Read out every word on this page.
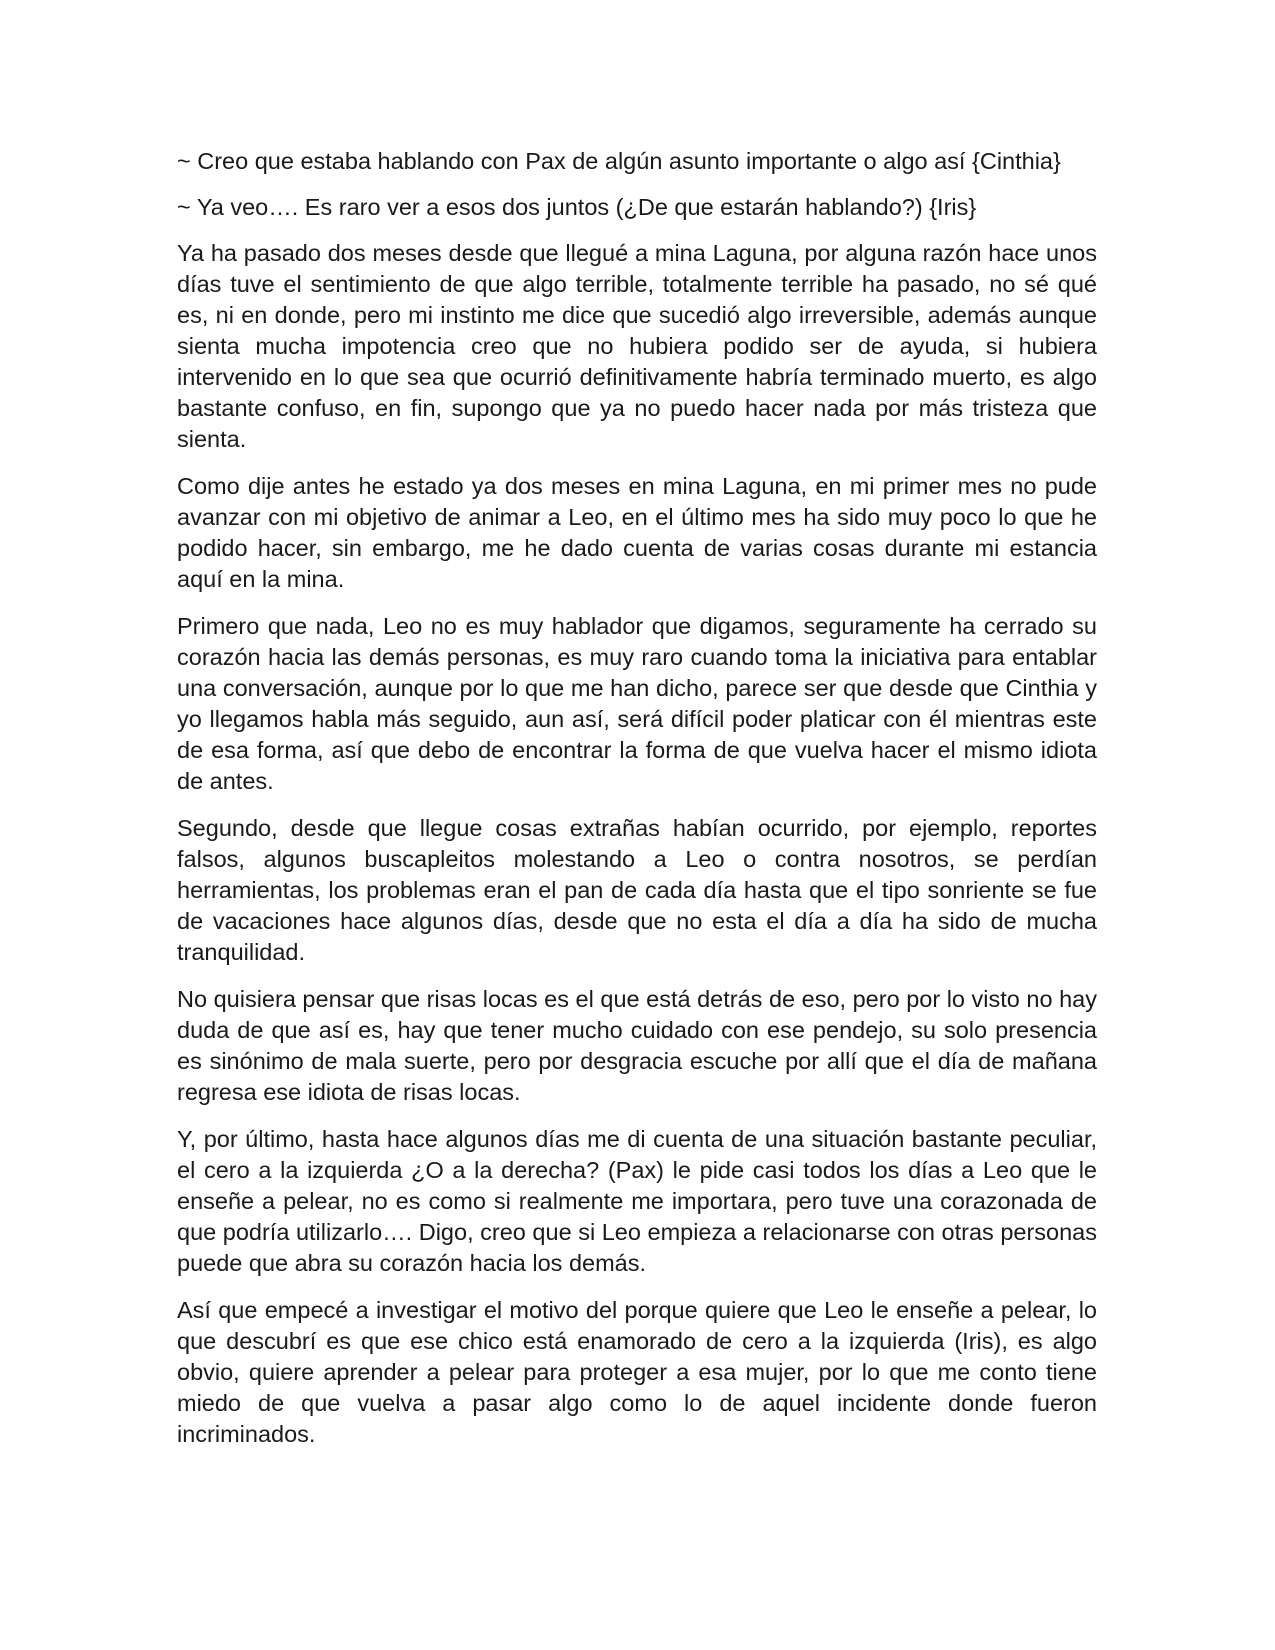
~ Creo que estaba hablando con Pax de algún asunto importante o algo así {Cinthia}

~ Ya veo…. Es raro ver a esos dos juntos (¿De que estarán hablando?) {Iris}

Ya ha pasado dos meses desde que llegué a mina Laguna, por alguna razón hace unos días tuve el sentimiento de que algo terrible, totalmente terrible ha pasado, no sé qué es, ni en donde, pero mi instinto me dice que sucedió algo irreversible, además aunque sienta mucha impotencia creo que no hubiera podido ser de ayuda, si hubiera intervenido en lo que sea que ocurrió definitivamente habría terminado muerto, es algo bastante confuso, en fin, supongo que ya no puedo hacer nada por más tristeza que sienta.

Como dije antes he estado ya dos meses en mina Laguna, en mi primer mes no pude avanzar con mi objetivo de animar a Leo, en el último mes ha sido muy poco lo que he podido hacer, sin embargo, me he dado cuenta de varias cosas durante mi estancia aquí en la mina.

Primero que nada, Leo no es muy hablador que digamos, seguramente ha cerrado su corazón hacia las demás personas, es muy raro cuando toma la iniciativa para entablar una conversación, aunque por lo que me han dicho, parece ser que desde que Cinthia y yo llegamos habla más seguido, aun así, será difícil poder platicar con él mientras este de esa forma, así que debo de encontrar la forma de que vuelva hacer el mismo idiota de antes.

Segundo, desde que llegue cosas extrañas habían ocurrido, por ejemplo, reportes falsos, algunos buscapleitos molestando a Leo o contra nosotros, se perdían herramientas, los problemas eran el pan de cada día hasta que el tipo sonriente se fue de vacaciones hace algunos días, desde que no esta el día a día ha sido de mucha tranquilidad.

No quisiera pensar que risas locas es el que está detrás de eso, pero por lo visto no hay duda de que así es, hay que tener mucho cuidado con ese pendejo, su solo presencia es sinónimo de mala suerte, pero por desgracia escuche por allí que el día de mañana regresa ese idiota de risas locas.

Y, por último, hasta hace algunos días me di cuenta de una situación bastante peculiar, el cero a la izquierda ¿O a la derecha? (Pax) le pide casi todos los días a Leo que le enseñe a pelear, no es como si realmente me importara, pero tuve una corazonada de que podría utilizarlo…. Digo, creo que si Leo empieza a relacionarse con otras personas puede que abra su corazón hacia los demás.

Así que empecé a investigar el motivo del porque quiere que Leo le enseñe a pelear, lo que descubrí es que ese chico está enamorado de cero a la izquierda (Iris), es algo obvio, quiere aprender a pelear para proteger a esa mujer, por lo que me conto tiene miedo de que vuelva a pasar algo como lo de aquel incidente donde fueron incriminados.
